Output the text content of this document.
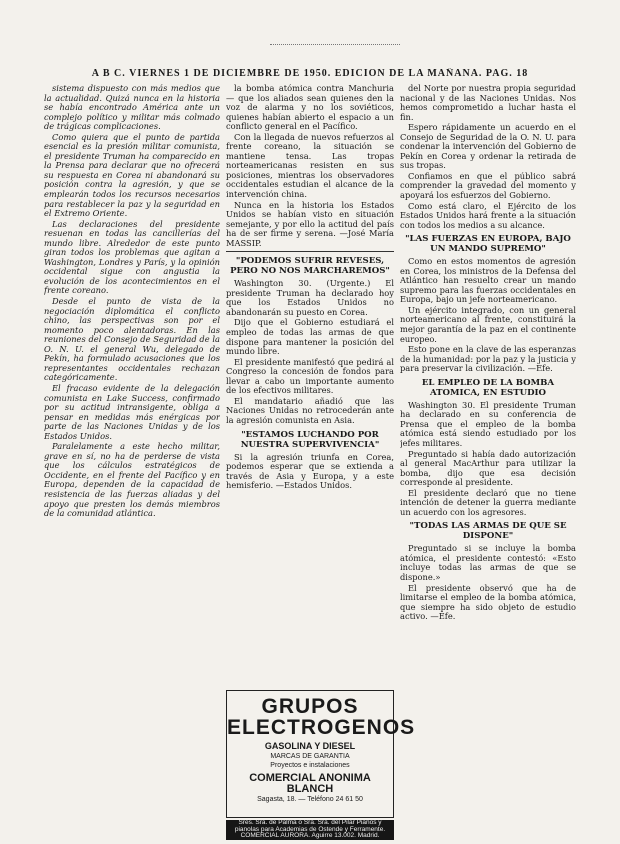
A B C. VIERNES 1 DE DICIEMBRE DE 1950. EDICION DE LA MAÑANA. PAG. 18

sistema dispuesto con más medios que la actualidad. Quizá nunca en la historia se había encontrado América ante un complejo político y militar más colmado de trágicas complicaciones.

Como quiera que el punto de partida esencial es la presión militar comunista, el presidente Truman ha comparecido en la Prensa para declarar que no ofrecerá su respuesta en Corea ni abandonará su posición contra la agresión, y que se emplearán todos los recursos necesarios para restablecer la paz y la seguridad en el Extremo Oriente.

Las declaraciones del presidente resuenan en todas las cancillerías del mundo libre. Alrededor de este punto giran todos los problemas que agitan a Washington, Londres y París, y la opinión occidental sigue con angustia la evolución de los acontecimientos en el frente coreano.

Desde el punto de vista de la negociación diplomática el conflicto chino, las perspectivas son por el momento poco alentadoras. En las reuniones del Consejo de Seguridad de la O. N. U. el general Wu, delegado de Pekín, ha formulado acusaciones que los representantes occidentales rechazan categóricamente.

El fracaso evidente de la delegación comunista en Lake Success, confirmado por su actitud intransigente, obliga a pensar en medidas más enérgicas por parte de las Naciones Unidas y de los Estados Unidos.

Paralelamente a este hecho militar, grave en sí, no ha de perderse de vista que los cálculos estratégicos de Occidente, en el frente del Pacífico y en Europa, dependen de la capacidad de resistencia de las fuerzas aliadas y del apoyo que presten los demás miembros de la comunidad atlántica.

la bomba atómica contra Manchuria — que los aliados sean quienes den la voz de alarma y no los soviéticos, quienes habían abierto el espacio a un conflicto general en el Pacífico.

Con la llegada de nuevos refuerzos al frente coreano, la situación se mantiene tensa. Las tropas norteamericanas resisten en sus posiciones, mientras los observadores occidentales estudian el alcance de la intervención china.

Nunca en la historia los Estados Unidos se habían visto en situación semejante, y por ello la actitud del país ha de ser firme y serena. —José María MASSIP.

"PODEMOS SUFRIR REVESES, PERO NO NOS MARCHAREMOS"

Washington 30. (Urgente.) El presidente Truman ha declarado hoy que los Estados Unidos no abandonarán su puesto en Corea.

Dijo que el Gobierno estudiará el empleo de todas las armas de que dispone para mantener la posición del mundo libre.

El presidente manifestó que pedirá al Congreso la concesión de fondos para llevar a cabo un importante aumento de los efectivos militares.

El mandatario añadió que las Naciones Unidas no retrocederán ante la agresión comunista en Asia.

"ESTAMOS LUCHANDO POR NUESTRA SUPERVIVENCIA"

Si la agresión triunfa en Corea, podemos esperar que se extienda a través de Asia y Europa, y a este hemisferio. —Estados Unidos.

GRUPOS
ELECTROGENOS
GASOLINA Y DIESEL
MARCAS DE GARANTIA
Proyectos e instalaciones
COMERCIAL ANONIMA BLANCH
Sagasta, 18. — Teléfono 24 61 50
Sres. Sra. de Palma o Sra. Sra. del Pilar Pianos y pianolas para Academias de Ostende y Ferramente. COMERCIAL AURORA. Aguirre 13.002. Madrid.

del Norte por nuestra propia seguridad nacional y de las Naciones Unidas. Nos hemos comprometido a luchar hasta el fin.

Espero rápidamente un acuerdo en el Consejo de Seguridad de la O. N. U. para condenar la intervención del Gobierno de Pekín en Corea y ordenar la retirada de sus tropas.

Confiamos en que el público sabrá comprender la gravedad del momento y apoyará los esfuerzos del Gobierno.

Como está claro, el Ejército de los Estados Unidos hará frente a la situación con todos los medios a su alcance.

"LAS FUERZAS EN EUROPA, BAJO UN MANDO SUPREMO"

Como en estos momentos de agresión en Corea, los ministros de la Defensa del Atlántico han resuelto crear un mando supremo para las fuerzas occidentales en Europa, bajo un jefe norteamericano.

Un ejército integrado, con un general norteamericano al frente, constituirá la mejor garantía de la paz en el continente europeo.

Esto pone en la clave de las esperanzas de la humanidad: por la paz y la justicia y para preservar la civilización. —Efe.

EL EMPLEO DE LA BOMBA ATOMICA, EN ESTUDIO

Washington 30. El presidente Truman ha declarado en su conferencia de Prensa que el empleo de la bomba atómica está siendo estudiado por los jefes militares.

Preguntado si había dado autorización al general MacArthur para utilizar la bomba, dijo que esa decisión corresponde al presidente.

El presidente declaró que no tiene intención de detener la guerra mediante un acuerdo con los agresores.

"TODAS LAS ARMAS DE QUE SE DISPONE"

Preguntado si se incluye la bomba atómica, el presidente contestó: «Esto incluye todas las armas de que se dispone.»

El presidente observó que ha de limitarse el empleo de la bomba atómica, que siempre ha sido objeto de estudio activo. —Efe.
